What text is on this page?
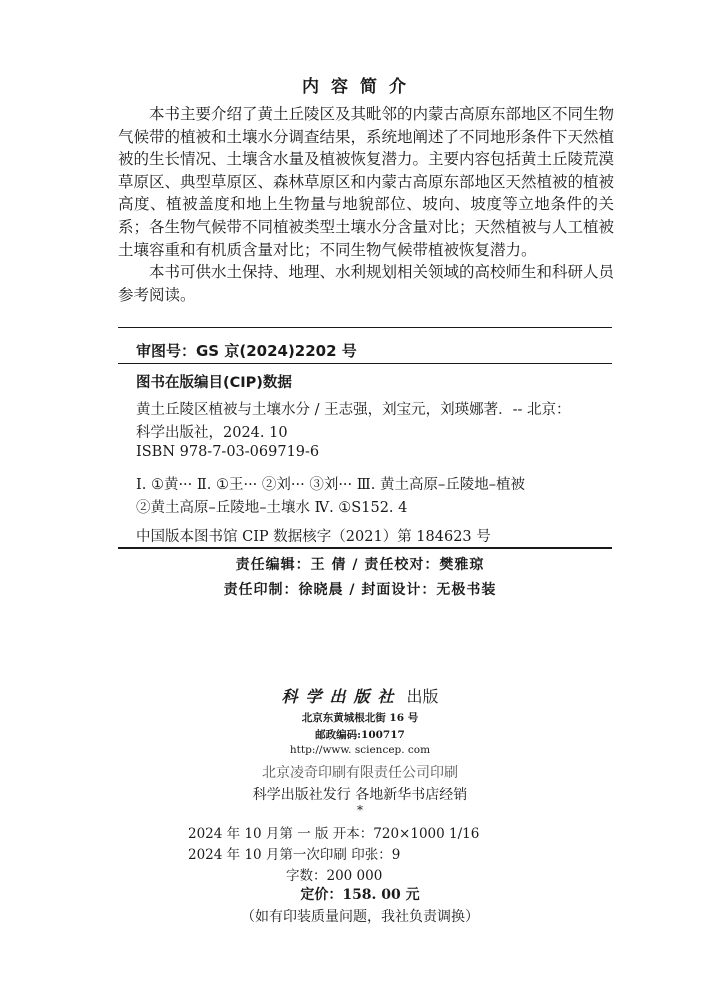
内容简介

本书主要介绍了黄土丘陵区及其毗邻的内蒙古高原东部地区不同生物气候带的植被和土壤水分调查结果，系统地阐述了不同地形条件下天然植被的生长情况、土壤含水量及植被恢复潜力。主要内容包括黄土丘陵荒漠草原区、典型草原区、森林草原区和内蒙古高原东部地区天然植被的植被高度、植被盖度和地上生物量与地貌部位、坡向、坡度等立地条件的关系；各生物气候带不同植被类型土壤水分含量对比；天然植被与人工植被土壤容重和有机质含量对比；不同生物气候带植被恢复潜力。

本书可供水土保持、地理、水利规划相关领域的高校师生和科研人员参考阅读。

审图号：GS 京(2024)2202 号
图书在版编目(CIP)数据
黄土丘陵区植被与土壤水分 / 王志强，刘宝元，刘瑛娜著．-- 北京：
科学出版社，2024. 10
ISBN 978-7-03-069719-6
Ⅰ. ①黄··· Ⅱ. ①王··· ②刘··· ③刘··· Ⅲ. 黄土高原–丘陵地–植被
②黄土高原–丘陵地–土壤水 Ⅳ. ①S152. 4
中国版本图书馆 CIP 数据核字（2021）第 184623 号
责任编辑：王 倩 / 责任校对：樊雅琼
责任印制：徐晓晨 / 封面设计：无极书装
科学出版社 出版
北京东黄城根北街 16 号
邮政编码:100717
http://www. sciencep. com
北京凌奇印刷有限责任公司印刷
科学出版社发行 各地新华书店经销
*
2024 年 10 月第 一 版 开本：720×1000 1/16
2024 年 10 月第一次印刷 印张：9
字数：200 000
定价：158. 00 元
（如有印装质量问题，我社负责调换）
